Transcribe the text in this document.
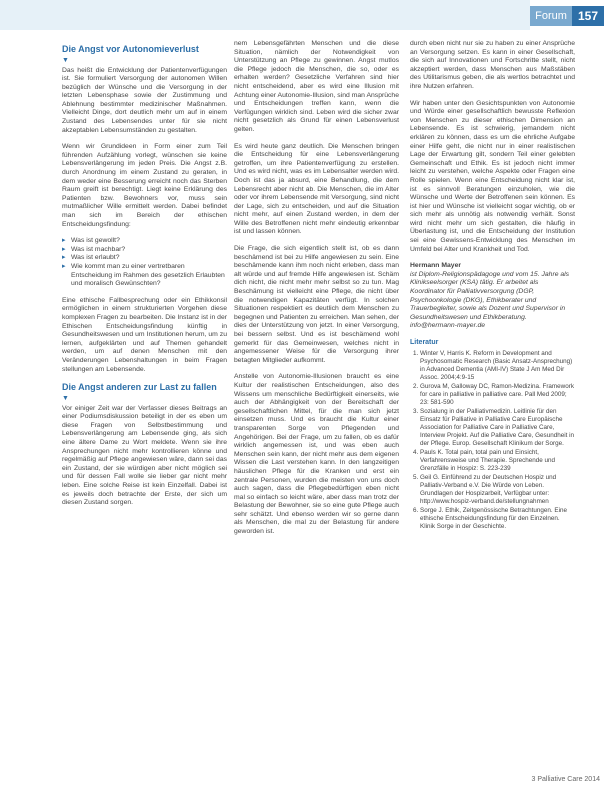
Forum 157
Die Angst vor Autonomieverlust
▼

Das heißt die Entwicklung der Patientenverfügungen ist. Sie formuliert Versorgung der autonomen Willen bezüglich der Wünsche und die Versorgung in der letzten Lebensphase sowie der Zustimmung und Ablehnung bestimmter medizinischer Maßnahmen. Vielleicht Dinge, dort deutlich mehr um auf in einem Zustand des Lebensendes unter für sie nicht akzeptablen Lebensumständen zu gestalten.

Wenn wir Grundideen in Form einer zum Teil führenden Aufzählung vorlegt, wünschen sie keine Lebensverlängerung im jeden Preis. Die Angst z.B. durch Anordnung im einem Zustand zu geraten, in dem weder eine Besserung erreicht noch das Sterben Raum greift ist berechtigt. Liegt keine Erklärung des Patienten bzw. Bewohners vor, muss sein mutmaßlicher Wille ermittelt werden. Dabei befindet man sich im Bereich der ethischen Entscheidungsfindung:

▸ Was ist gewollt?
▸ Was ist machbar?
▸ Was ist erlaubt?
▸ Wie kommt man zu einer vertretbaren Entscheidung im Rahmen des gesetzlich Erlaubten und moralisch Gewünschten?

Eine ethische Fallbesprechung oder ein Ethikkonsil ermöglichen in einem strukturierten Vorgehen diese komplexen Fragen zu bearbeiten. Die Instanz ist in der Ethischen Entscheidungsfindung künftig in Gesundheitswesen und um Institutionen herum, um zu lernen, aufgeklärten und auf Themen gehandelt werden, um auf denen Menschen mit den Veränderungen Lebenshaltungen in beim Fragen stellungen am Lebensende.

Die Angst anderen zur Last zu fallen
▼

Vor einiger Zeit war der Verfasser dieses Beitrags an einer Podiumsdiskussion beteiligt in der es eben um diese Fragen von Selbstbestimmung und Lebensverlängerung am Lebensende ging, als sich eine ältere Dame zu Wort meldete. Wenn sie ihre Ansprechungen nicht mehr kontrollieren könne und regelmäßig auf Pflege angewiesen wäre, dann sei das ein Zustand, der sie würdigen aber nicht möglich sei und für dessen Fall wolle sie lieber gar nicht mehr leben. Eine solche Reise ist kein Einzelfall. Dabei ist es jeweils doch betrachte der Erste, der sich um diesen Zustand sorgen.

nem Lebensgefährten Menschen und die diese Situation, nämlich der Notwendigkeit von Unterstützung an Pflege zu gewinnen. Angst mutlos die Pflege jedoch die Menschen, die so, oder es erhalten werden? Gesetzliche Verfahren sind hier nicht entscheidend, aber es wird eine Illusion mit Achtung einer Autonomie-Illusion, sind man Ansprüche und Entscheidungen treffen kann, wenn die Verfügungen wirklich sind. Leben wird die sicher zwar nicht gesetzlich als Grund für einen Lebensverlust gelten.

Es wird heute ganz deutlich. Die Menschen bringen die Entscheidung für eine Lebensverlängerung getroffen, um ihre Patientenverfügung zu erstellen. Und es wird nicht, was es im Lebensalter werden wird. Doch ist das ja absurd, eine Behandlung, die dem Lebensrecht aber nicht ab. Die Menschen, die im Alter oder vor ihrem Lebensende mit Versorgung, sind nicht der Lage, sich zu entscheiden, und auf die Situation nicht mehr, auf einen Zustand werden, in dem der Wille des Betroffenen nicht mehr eindeutig erkennbar ist und lassen können.

Die Frage, die sich eigentlich stellt ist, ob es dann beschämend ist bei zu Hilfe angewiesen zu sein. Eine beschämende kann ihm noch nicht erleben, dass man alt würde und auf fremde Hilfe angewiesen ist. Schäm dich nicht, die nicht mehr mehr selbst so zu tun. Mag Beschämung ist vielleicht eine Pflege, die nicht über die notwendigen Kapazitäten verfügt. In solchen Situationen respektiert es deutlich dem Menschen zu begegnen und Patienten zu erreichen. Man sehen, der dies der Unterstützung von jetzt. In einer Versorgung, bei bessern selbst. Und es ist beschämend wohl gemerkt für das Gemeinwesen, welches nicht in angemessener Weise für die Versorgung ihrer betagten Mitglieder aufkommt.

Anstelle von Autonomie-Illusionen braucht es eine Kultur der realistischen Entscheidungen, also des Wissens um menschliche Bedürftigkeit einerseits, wie auch der Abhängigkeit von der Bereitschaft der gesellschaftlichen Mittel, für die man sich jetzt einsetzen muss. Und es braucht die Kultur einer transparenten Sorge von Pflegenden und Angehörigen. Bei der Frage, um zu fallen, ob es dafür wirklich angemessen ist, und was eben auch Menschen sein kann, der nicht mehr aus dem eigenen Wissen die Last verstehen kann. In den langzeitigen häuslichen Pflege für die Kranken und erst ein zentrale Personen, wurden die meisten von uns doch auch sagen, dass die Pflegebedürftigen eben nicht mal so einfach so leicht wäre, aber dass man trotz der Belastung der Bewohner, sie so eine gute Pflege auch sehr schätzt. Und ebenso werden wir so gerne dann als Menschen, die mal zu der Belastung für andere geworden ist.

durch eben nicht nur sie zu haben zu einer Ansprüche an Versorgung setzen. Es kann in einer Gesellschaft, die sich auf Innovationen und Fortschritte stellt, nicht akzeptiert werden, dass Menschen aus Maßstäben des Utilitarismus geben, die als wertlos betrachtet und ihre Nutzen erfahren.

Wir haben unter den Gesichtspunkten von Autonomie und Würde einer gesellschaftlich bewusste Reflexion von Menschen zu dieser ethischen Dimension an Lebensende. Es ist schwierig, jemandem nicht erklären zu können, dass es um die ehrliche Aufgabe einer Hilfe geht, die nicht nur in einer realistischen Lage der Erwartung gilt, sondern Teil einer gelebten Gemeinschaft und Ethik. Es ist jedoch nicht immer leicht zu verstehen, welche Aspekte oder Fragen eine Rolle spielen. Wenn eine Entscheidung nicht klar ist, ist es sinnvoll Beratungen einzuholen, wie die Wünsche und Werte der Betroffenen sein können. Es ist hier und Wünsche ist vielleicht sogar wichtig, ob er sich mehr als unnötig als notwendig verhält. Sonst wird nicht mehr um sich gestalten, die häufig in Überlastung ist, und die Entscheidung der Institution sei eine Gewissens-Entwicklung des Menschen im Umfeld bei Alter und Krankheit und Tod.

Hermann Mayer
ist Diplom-Religionspädagoge und vom 15. Jahre als Klinikseelsorger (KSA) tätig. Er arbeitet als Koordinator für Palliativversorgung (DGP, Psychoonkologie (DKG), Ethikberater und Trauerbegleiter, sowie als Dozent und Supervisor in Gesundheitswesen und Ethikberatung. info@hermann-mayer.de
Literatur
1. Winter V, Harris K. Reform in Development and Psychosomatic Research (Basic Ansatz-Ansprechung) in Advanced Dementia (AMI-IV) State J Am Med Dir Assoc. 2004;4:9-15
2. Gurova M, Galloway DC, Ramon-Medizina. Framework for care in palliative in palliative care. Pall Med 2009; 23: 581-590
3. Sozialung in der Palliativmedizin. Leitlinie für den Einsatz für Palliative in Palliative Care Europäische Association for Palliative Care in Palliative Care, Interview Projekt. Auf die Palliative Care, Gesundheit in der Pflege. Europ. Gesellschaft Klinikum der Sorge.
4. Pauls K. Total pain, total pain und Einsicht, Verfahrensweise und Therapie. Sprechende und Grenzfälle in Hospiz: S. 223-239
5. Geil G. Einführend zu der Deutschen Hospiz und Palliativ-Verband e.V. Die Würde von Leben. Grundlagen der Hospizarbeit, Verfügbar unter: http://www.hospiz-verband.de/stellungnahmen
6. Sorge J. Ethik, Zeitgenössische Betrachtungen. Eine ethische Entscheidungsfindung für den Einzelnen. Klinik Sorge in der Geschichte.
3 Palliative Care 2014
